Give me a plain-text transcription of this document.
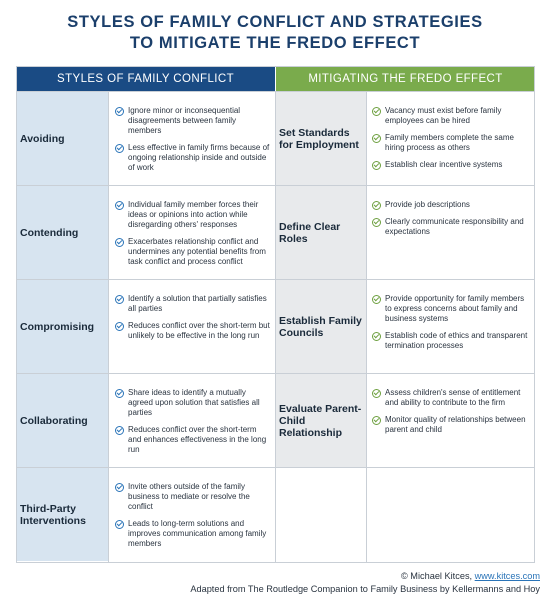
STYLES OF FAMILY CONFLICT AND STRATEGIES
TO MITIGATE THE FREDO EFFECT
STYLES OF FAMILY CONFLICT	MITIGATING THE FREDO EFFECT
Avoiding
Ignore minor or inconsequential disagreements between family members
Less effective in family firms because of ongoing relationship inside and outside of work
Set Standards for Employment
Vacancy must exist before family employees can be hired
Family members complete the same hiring process as others
Establish clear incentive systems
Contending
Individual family member forces their ideas or opinions into action while disregarding others' responses
Exacerbates relationship conflict and undermines any potential benefits from task conflict and process conflict
Define Clear Roles
Provide job descriptions
Clearly communicate responsibility and expectations
Compromising
Identify a solution that partially satisfies all parties
Reduces conflict over the short-term but unlikely to be effective in the long run
Establish Family Councils
Provide opportunity for family members to express concerns about family and business systems
Establish code of ethics and transparent termination processes
Collaborating
Share ideas to identify a mutually agreed upon solution that satisfies all parties
Reduces conflict over the short-term and enhances effectiveness in the long run
Evaluate Parent-Child Relationship
Assess children's sense of entitlement and ability to contribute to the firm
Monitor quality of relationships between parent and child
Third-Party Interventions
Invite others outside of the family business to mediate or resolve the conflict
Leads to long-term solutions and improves communication among family members
© Michael Kitces, www.kitces.com
Adapted from The Routledge Companion to Family Business by Kellermanns and Hoy
